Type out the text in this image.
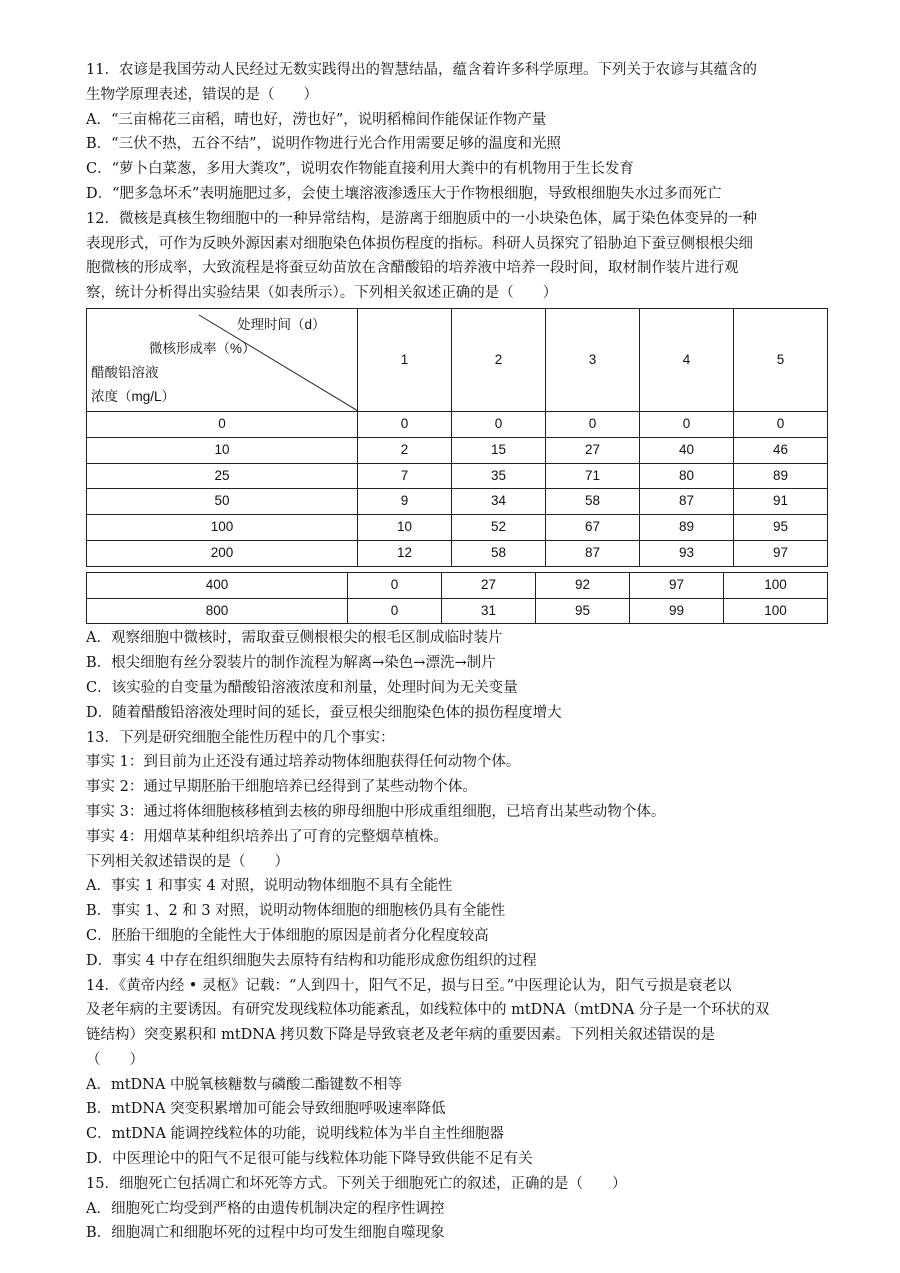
11．农谚是我国劳动人民经过无数实践得出的智慧结晶，蕴含着许多科学原理。下列关于农谚与其蕴含的
生物学原理表述，错误的是（　　）
A．“三亩棉花三亩稻，晴也好，涝也好”，说明稻棉间作能保证作物产量
B．“三伏不热，五谷不结”，说明作物进行光合作用需要足够的温度和光照
C．“萝卜白菜葱，多用大粪攻”，说明农作物能直接利用大粪中的有机物用于生长发育
D．“肥多急坏禾”表明施肥过多，会使土壤溶液渗透压大于作物根细胞，导致根细胞失水过多而死亡
12．微核是真核生物细胞中的一种异常结构，是游离于细胞质中的一小块染色体，属于染色体变异的一种
表现形式，可作为反映外源因素对细胞染色体损伤程度的指标。科研人员探究了铅胁迫下蚕豆侧根根尖细
胞微核的形成率，大致流程是将蚕豆幼苗放在含醋酸铅的培养液中培养一段时间，取材制作装片进行观
察，统计分析得出实验结果（如表所示）。下列相关叙述正确的是（　　）
处理时间（d）
微核形成率（%）
醋酸铅溶液
浓度（mg/L）	1	2	3	4	5
0	0	0	0	0	0
10	2	15	27	40	46
25	7	35	71	80	89
50	9	34	58	87	91
100	10	52	67	89	95
200	12	58	87	93	97
400	0	27	92	97	100
800	0	31	95	99	100
A．观察细胞中微核时，需取蚕豆侧根根尖的根毛区制成临时装片
B．根尖细胞有丝分裂装片的制作流程为解离→染色→漂洗→制片
C．该实验的自变量为醋酸铅溶液浓度和剂量，处理时间为无关变量
D．随着醋酸铅溶液处理时间的延长，蚕豆根尖细胞染色体的损伤程度增大
13．下列是研究细胞全能性历程中的几个事实：
事实 1：到目前为止还没有通过培养动物体细胞获得任何动物个体。
事实 2：通过早期胚胎干细胞培养已经得到了某些动物个体。
事实 3：通过将体细胞核移植到去核的卵母细胞中形成重组细胞，已培育出某些动物个体。
事实 4：用烟草某种组织培养出了可育的完整烟草植株。
下列相关叙述错误的是（　　）
A．事实 1 和事实 4 对照，说明动物体细胞不具有全能性
B．事实 1、2 和 3 对照，说明动物体细胞的细胞核仍具有全能性
C．胚胎干细胞的全能性大于体细胞的原因是前者分化程度较高
D．事实 4 中存在组织细胞失去原特有结构和功能形成愈伤组织的过程
14．《黄帝内经 • 灵枢》记载：“人到四十，阳气不足，损与日至。”中医理论认为，阳气亏损是衰老以
及老年病的主要诱因。有研究发现线粒体功能紊乱，如线粒体中的 mtDNA（mtDNA 分子是一个环状的双
链结构）突变累积和 mtDNA 拷贝数下降是导致衰老及老年病的重要因素。下列相关叙述错误的是
（　　）
A．mtDNA 中脱氧核糖数与磷酸二酯键数不相等
B．mtDNA 突变积累增加可能会导致细胞呼吸速率降低
C．mtDNA 能调控线粒体的功能，说明线粒体为半自主性细胞器
D．中医理论中的阳气不足很可能与线粒体功能下降导致供能不足有关
15．细胞死亡包括凋亡和坏死等方式。下列关于细胞死亡的叙述，正确的是（　　）
A．细胞死亡均受到严格的由遗传机制决定的程序性调控
B．细胞凋亡和细胞坏死的过程中均可发生细胞自噬现象
